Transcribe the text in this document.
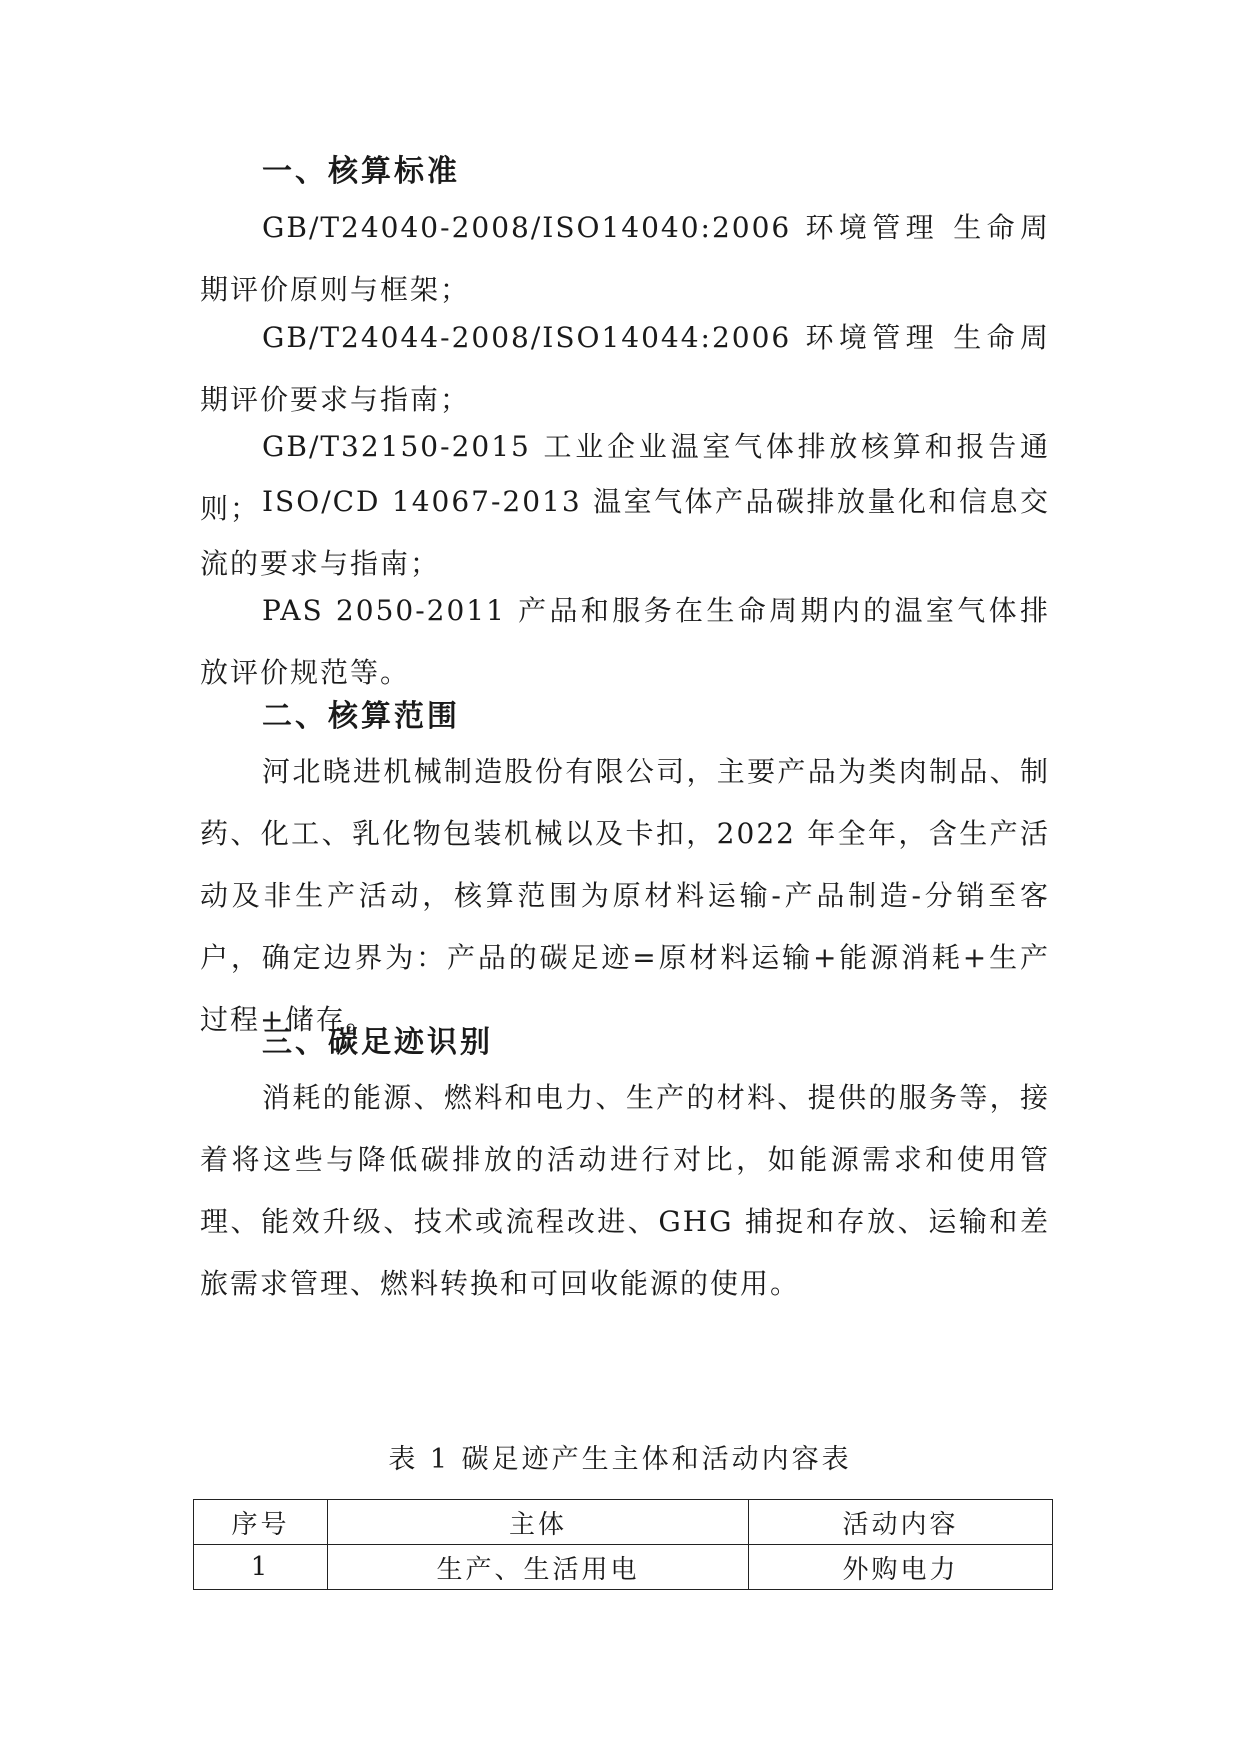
一、核算标准

GB/T24040-2008/ISO14040:2006 环境管理 生命周期评价原则与框架；

GB/T24044-2008/ISO14044:2006 环境管理 生命周期评价要求与指南；

GB/T32150-2015 工业企业温室气体排放核算和报告通则； ISO/CD 14067-2013 温室气体产品碳排放量化和信息交流的要求与指南；

PAS 2050-2011 产品和服务在生命周期内的温室气体排放评价规范等。

二、核算范围

河北晓进机械制造股份有限公司，主要产品为类肉制品、制药、化工、乳化物包装机械以及卡扣，2022 年全年，含生产活动及非生产活动，核算范围为原材料运输-产品制造-分销至客户，确定边界为：产品的碳足迹=原材料运输+能源消耗+生产过程+储存。

三、碳足迹识别

消耗的能源、燃料和电力、生产的材料、提供的服务等，接着将这些与降低碳排放的活动进行对比，如能源需求和使用管理、能效升级、技术或流程改进、GHG 捕捉和存放、运输和差旅需求管理、燃料转换和可回收能源的使用。

表 1 碳足迹产生主体和活动内容表

序号	主体	活动内容
1	生产、生活用电	外购电力
